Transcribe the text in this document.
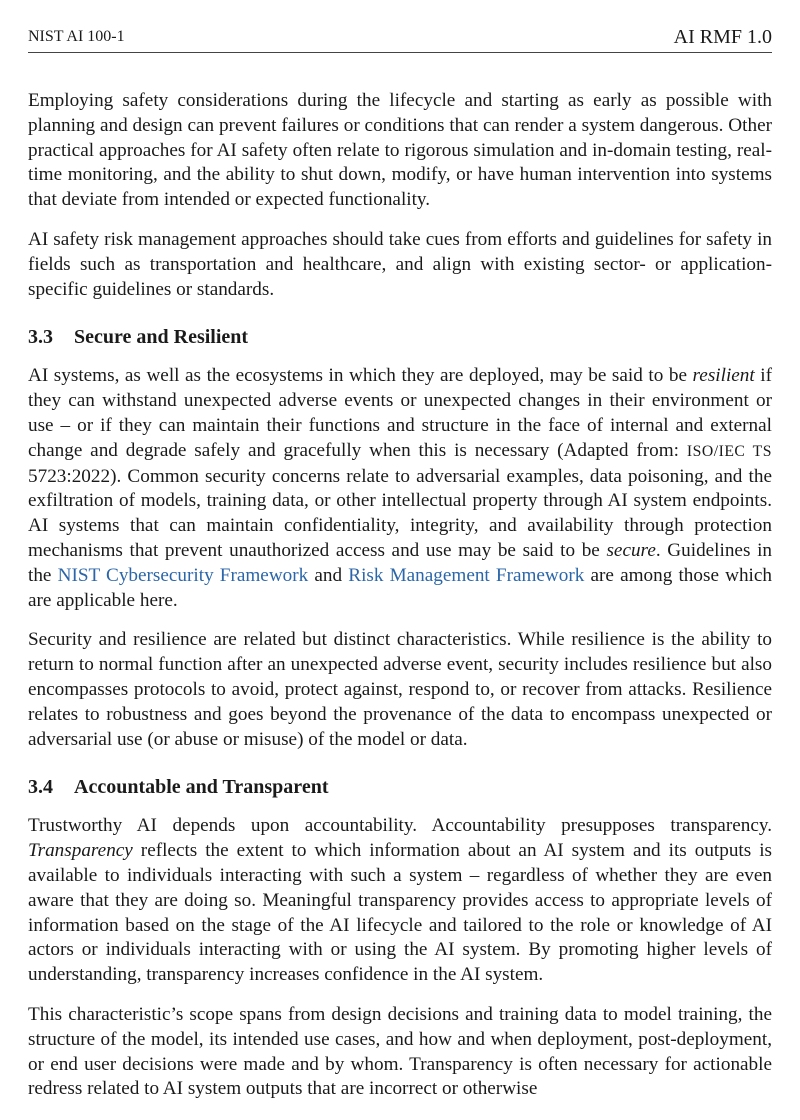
NIST AI 100-1	AI RMF 1.0

Employing safety considerations during the lifecycle and starting as early as possible with planning and design can prevent failures or conditions that can render a system dangerous. Other practical approaches for AI safety often relate to rigorous simulation and in-domain testing, real-time monitoring, and the ability to shut down, modify, or have human intervention into systems that deviate from intended or expected functionality.

AI safety risk management approaches should take cues from efforts and guidelines for safety in fields such as transportation and healthcare, and align with existing sector- or application-specific guidelines or standards.

3.3 Secure and Resilient

AI systems, as well as the ecosystems in which they are deployed, may be said to be resilient if they can withstand unexpected adverse events or unexpected changes in their environment or use – or if they can maintain their functions and structure in the face of internal and external change and degrade safely and gracefully when this is necessary (Adapted from: ISO/IEC TS 5723:2022). Common security concerns relate to adversarial examples, data poisoning, and the exfiltration of models, training data, or other intellectual property through AI system endpoints. AI systems that can maintain confidentiality, integrity, and availability through protection mechanisms that prevent unauthorized access and use may be said to be secure. Guidelines in the NIST Cybersecurity Framework and Risk Management Framework are among those which are applicable here.

Security and resilience are related but distinct characteristics. While resilience is the ability to return to normal function after an unexpected adverse event, security includes resilience but also encompasses protocols to avoid, protect against, respond to, or recover from attacks. Resilience relates to robustness and goes beyond the provenance of the data to encompass unexpected or adversarial use (or abuse or misuse) of the model or data.

3.4 Accountable and Transparent

Trustworthy AI depends upon accountability. Accountability presupposes transparency. Transparency reflects the extent to which information about an AI system and its outputs is available to individuals interacting with such a system – regardless of whether they are even aware that they are doing so. Meaningful transparency provides access to appropriate levels of information based on the stage of the AI lifecycle and tailored to the role or knowledge of AI actors or individuals interacting with or using the AI system. By promoting higher levels of understanding, transparency increases confidence in the AI system.

This characteristic’s scope spans from design decisions and training data to model training, the structure of the model, its intended use cases, and how and when deployment, post-deployment, or end user decisions were made and by whom. Transparency is often necessary for actionable redress related to AI system outputs that are incorrect or otherwise
